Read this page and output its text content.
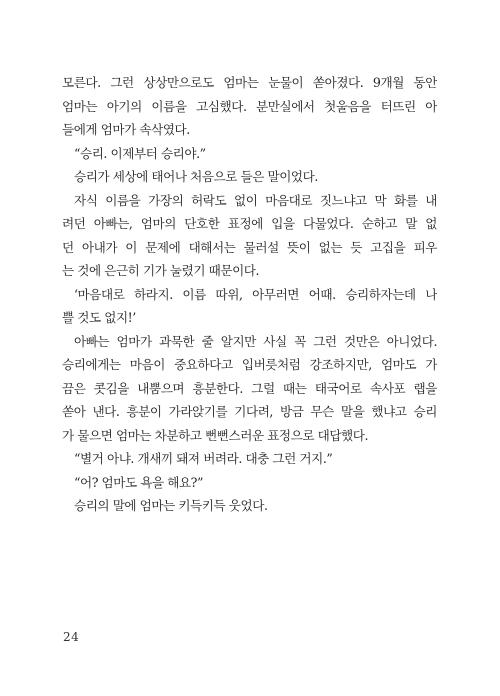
모른다. 그런 상상만으로도 엄마는 눈물이 쏟아졌다. 9개월 동안
엄마는 아기의 이름을 고심했다. 분만실에서 첫울음을 터뜨린 아
들에게 엄마가 속삭였다.
“승리. 이제부터 승리야.”
승리가 세상에 태어나 처음으로 들은 말이었다.
자식 이름을 가장의 허락도 없이 마음대로 짓느냐고 막 화를 내
려던 아빠는, 엄마의 단호한 표정에 입을 다물었다. 순하고 말 없
던 아내가 이 문제에 대해서는 물러설 뜻이 없는 듯 고집을 피우
는 것에 은근히 기가 눌렸기 때문이다.
‘마음대로 하라지. 이름 따위, 아무러면 어때. 승리하자는데 나
쁠 것도 없지!’
아빠는 엄마가 과묵한 줄 알지만 사실 꼭 그런 것만은 아니었다.
승리에게는 마음이 중요하다고 입버릇처럼 강조하지만, 엄마도 가
끔은 콧김을 내뿜으며 흥분한다. 그럴 때는 태국어로 속사포 랩을
쏟아 낸다. 흥분이 가라앉기를 기다려, 방금 무슨 말을 했냐고 승리
가 물으면 엄마는 차분하고 뻔뻔스러운 표정으로 대답했다.
“별거 아냐. 개새끼 돼져 버려라. 대충 그런 거지.”
“어? 엄마도 욕을 해요?”
승리의 말에 엄마는 키득키득 웃었다.
24
